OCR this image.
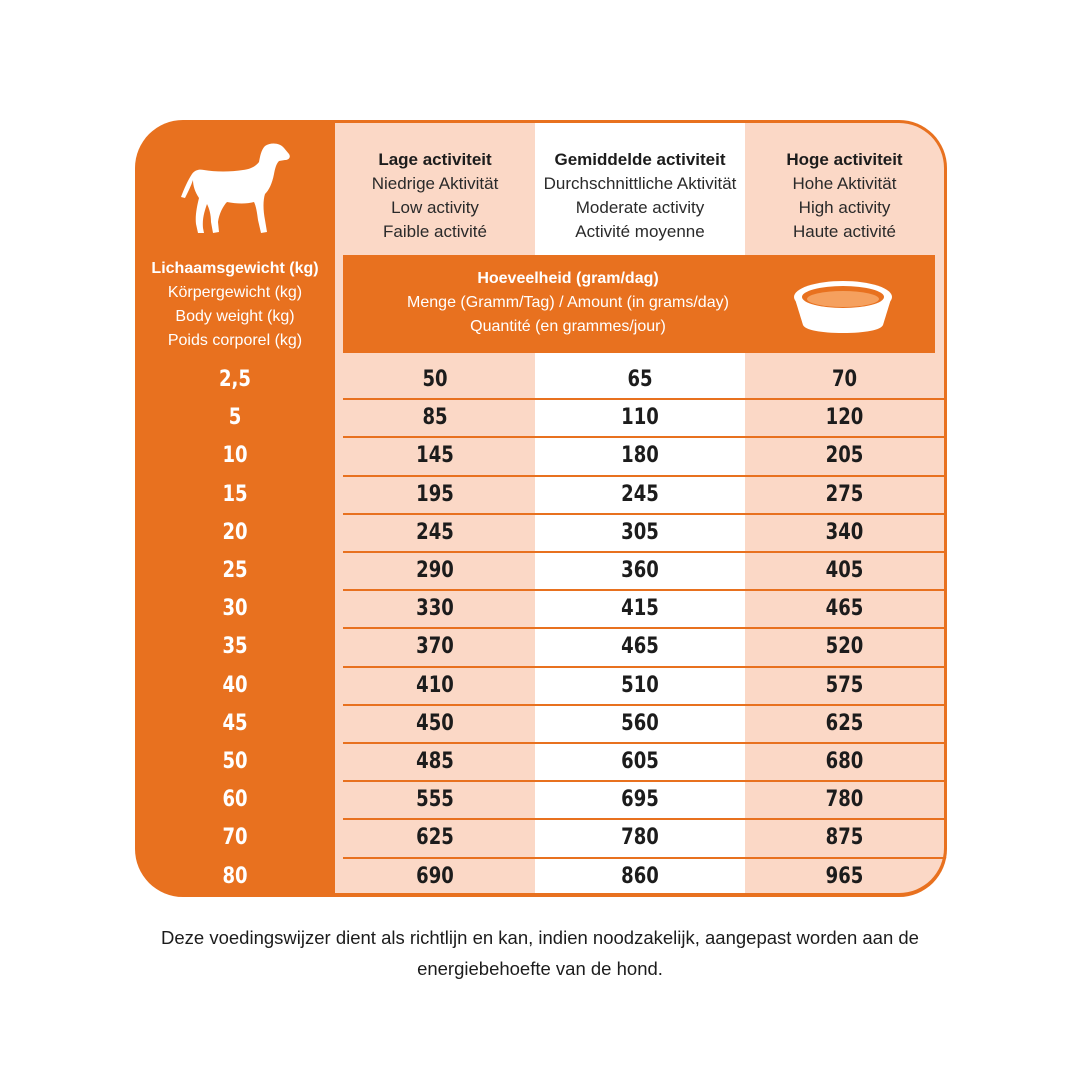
Lage activiteit
Niedrige Aktivität
Low activity
Faible activité
Gemiddelde activiteit
Durchschnittliche Aktivität
Moderate activity
Activité moyenne
Hoge activiteit
Hohe Aktivität
High activity
Haute activité
Lichaamsgewicht (kg)
Körpergewicht (kg)
Body weight (kg)
Poids corporel (kg)
Hoeveelheid (gram/dag)
Menge (Gramm/Tag) / Amount (in grams/day)
Quantité (en grammes/jour)
2,5	50	65	70
5	85	110	120
10	145	180	205
15	195	245	275
20	245	305	340
25	290	360	405
30	330	415	465
35	370	465	520
40	410	510	575
45	450	560	625
50	485	605	680
60	555	695	780
70	625	780	875
80	690	860	965
Deze voedingswijzer dient als richtlijn en kan, indien noodzakelijk, aangepast worden aan de energiebehoefte van de hond.
